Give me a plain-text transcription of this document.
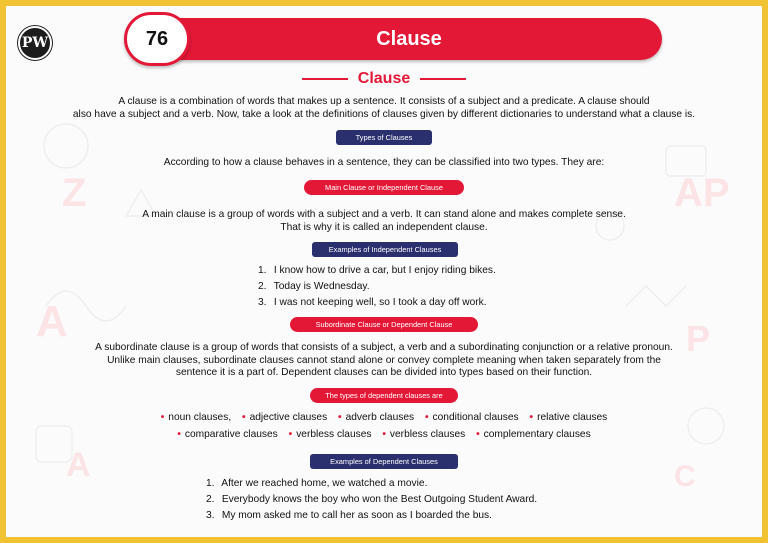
Z
A
AP
P
A	C
PW	Clause
76
Clause
A clause is a combination of words that makes up a sentence. It consists of a subject and a predicate. A clause should
also have a subject and a verb. Now, take a look at the definitions of clauses given by different dictionaries to understand what a clause is.
Types of Clauses
According to how a clause behaves in a sentence, they can be classified into two types. They are:
Main Clause or Independent Clause
A main clause is a group of words with a subject and a verb. It can stand alone and makes complete sense.
That is why it is called an independent clause.
Examples of Independent Clauses
1. I know how to drive a car, but I enjoy riding bikes.
2. Today is Wednesday.
3. I was not keeping well, so I took a day off work.
Subordinate Clause or Dependent Clause
A subordinate clause is a group of words that consists of a subject, a verb and a subordinating conjunction or a relative pronoun.
Unlike main clauses, subordinate clauses cannot stand alone or convey complete meaning when taken separately from the
sentence it is a part of. Dependent clauses can be divided into types based on their function.
The types of dependent clauses are
• noun clauses, • adjective clauses • adverb clauses • conditional clauses • relative clauses
• comparative clauses • verbless clauses • verbless clauses • complementary clauses
Examples of Dependent Clauses
1. After we reached home, we watched a movie.
2. Everybody knows the boy who won the Best Outgoing Student Award.
3. My mom asked me to call her as soon as I boarded the bus.
